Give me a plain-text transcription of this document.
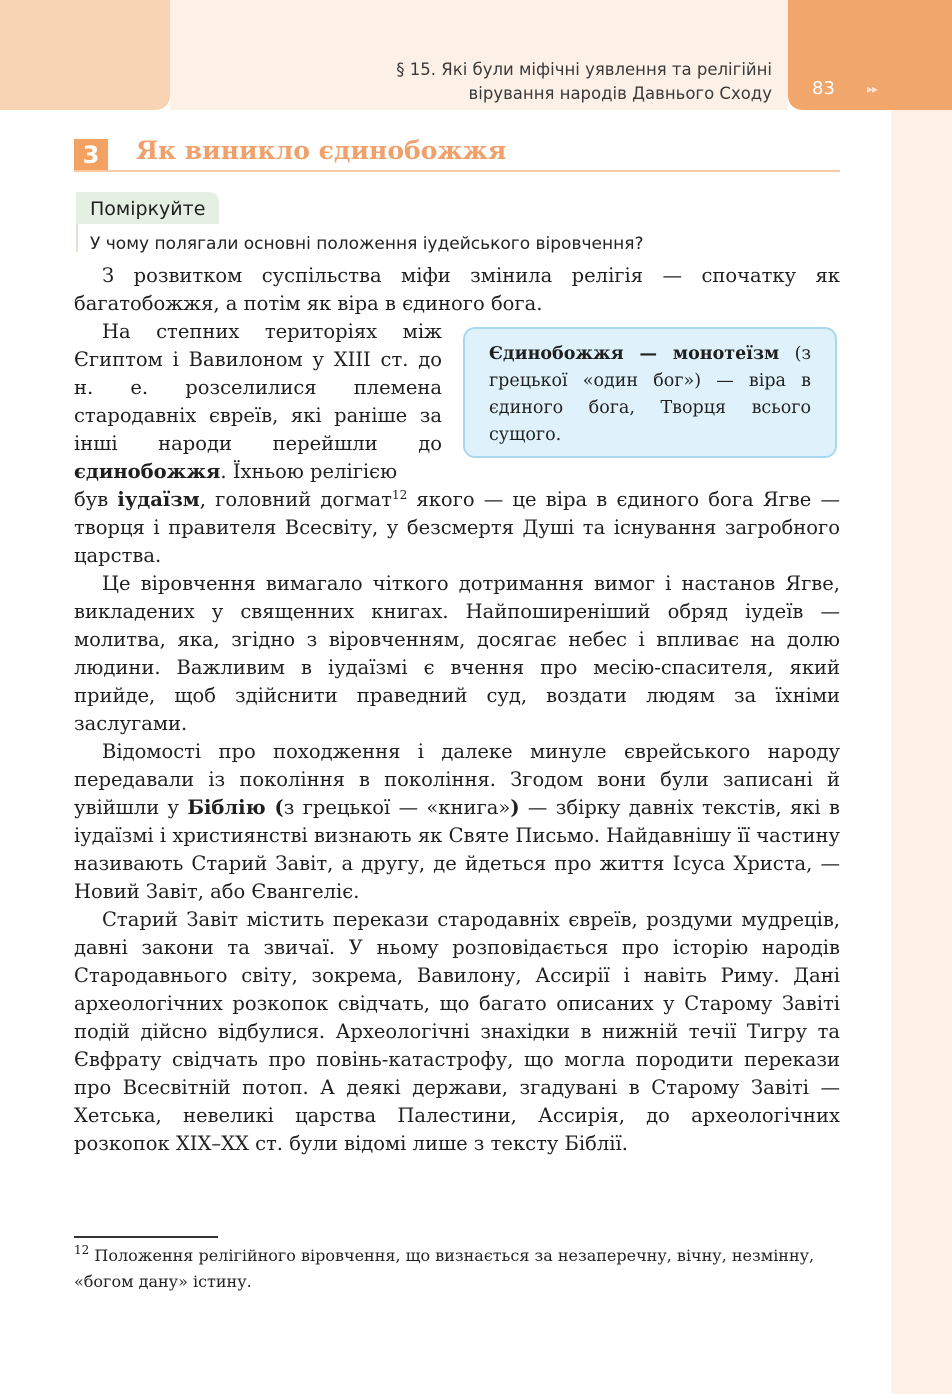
83	▸▸
§ 15. Які були міфічні уявлення та релігійні
вірування народів Давнього Сходу
3	Як виникло єдинобожжя
Поміркуйте
У чому полягали основні положення іудейського віровчення?
З розвитком суспільства міфи змінила релігія — спочатку як багатобожжя, а потім як віра в єдиного бога.
На степних територіях між Єгиптом і Вавилоном у XIII ст. до н. е. розселилися племена стародавніх євреїв, які раніше за інші народи перейшли до єдинобожжя. Їхньою релігією
був іудаїзм, головний догмат$^{12}$ якого — це віра в єдиного бога Ягве — творця і правителя Всесвіту, у безсмертя Душі та існування загробного царства.
Єдинобожжя — монотеїзм (з грецької «один бог») — віра в єдиного бога, Творця всього сущого.
Це віровчення вимагало чіткого дотримання вимог і настанов Ягве, викладених у священних книгах. Найпоширеніший обряд іудеїв — молитва, яка, згідно з віровченням, досягає небес і впливає на долю людини. Важливим в іудаїзмі є вчення про месію-спасителя, який прийде, щоб здійснити праведний суд, воздати людям за їхніми заслугами.
Відомості про походження і далеке минуле єврейського народу передавали із покоління в покоління. Згодом вони були записані й увійшли у Біблію (з грецької — «книга») — збірку давніх текстів, які в іудаїзмі і християнстві визнають як Святе Письмо. Найдавнішу її частину називають Старий Завіт, а другу, де йдеться про життя Ісуса Христа, — Новий Завіт, або Євангеліє.
Старий Завіт містить перекази стародавніх євреїв, роздуми мудреців, давні закони та звичаї. У ньому розповідається про історію народів Стародавнього світу, зокрема, Вавилону, Ассирії і навіть Риму. Дані археологічних розкопок свідчать, що багато описаних у Старому Завіті подій дійсно відбулися. Археологічні знахідки в нижній течії Тигру та Євфрату свідчать про повінь-катастрофу, що могла породити перекази про Всесвітній потоп. А деякі держави, згадувані в Старому Завіті — Хетська, невеликі царства Палестини, Ассирія, до археологічних розкопок XIX–XX ст. були відомі лише з тексту Біблії.
$^{12}$ Положення релігійного віровчення, що визнається за незаперечну, вічну, незмінну, «богом дану» істину.
